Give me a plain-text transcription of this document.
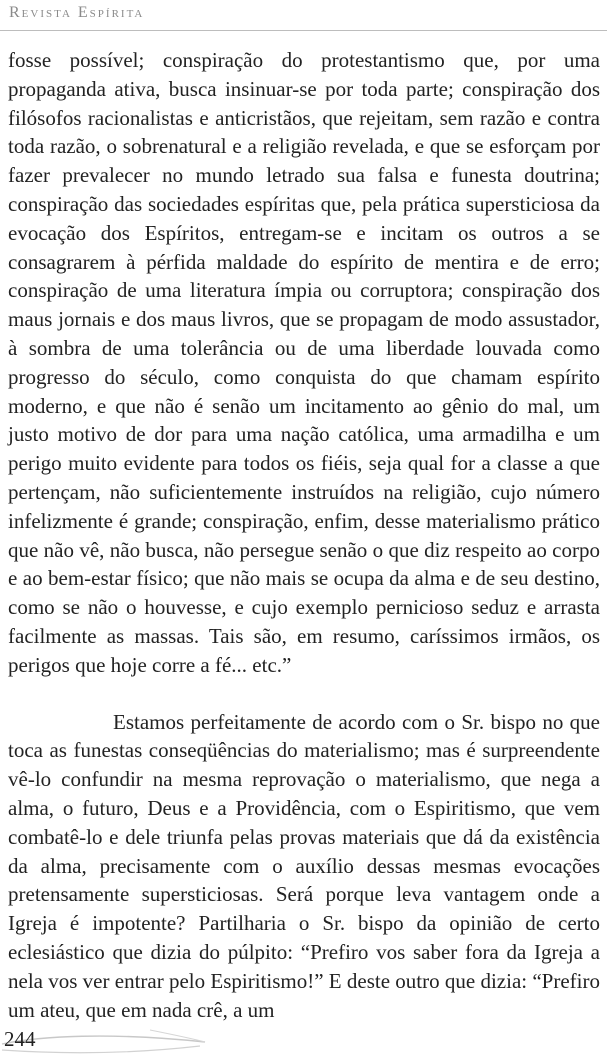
Revista Espírita

fosse possível; conspiração do protestantismo que, por uma propaganda ativa, busca insinuar-se por toda parte; conspiração dos filósofos racionalistas e anticristãos, que rejeitam, sem razão e contra toda razão, o sobrenatural e a religião revelada, e que se esforçam por fazer prevalecer no mundo letrado sua falsa e funesta doutrina; conspiração das sociedades espíritas que, pela prática supersticiosa da evocação dos Espíritos, entregam-se e incitam os outros a se consagrarem à pérfida maldade do espírito de mentira e de erro; conspiração de uma literatura ímpia ou corruptora; conspiração dos maus jornais e dos maus livros, que se propagam de modo assustador, à sombra de uma tolerância ou de uma liberdade louvada como progresso do século, como conquista do que chamam espírito moderno, e que não é senão um incitamento ao gênio do mal, um justo motivo de dor para uma nação católica, uma armadilha e um perigo muito evidente para todos os fiéis, seja qual for a classe a que pertençam, não suficientemente instruídos na religião, cujo número infelizmente é grande; conspiração, enfim, desse materialismo prático que não vê, não busca, não persegue senão o que diz respeito ao corpo e ao bem-estar físico; que não mais se ocupa da alma e de seu destino, como se não o houvesse, e cujo exemplo pernicioso seduz e arrasta facilmente as massas. Tais são, em resumo, caríssimos irmãos, os perigos que hoje corre a fé... etc.”

Estamos perfeitamente de acordo com o Sr. bispo no que toca as funestas conseqüências do materialismo; mas é surpreendente vê-lo confundir na mesma reprovação o materialismo, que nega a alma, o futuro, Deus e a Providência, com o Espiritismo, que vem combatê-lo e dele triunfa pelas provas materiais que dá da existência da alma, precisamente com o auxílio dessas mesmas evocações pretensamente supersticiosas. Será porque leva vantagem onde a Igreja é impotente? Partilharia o Sr. bispo da opinião de certo eclesiástico que dizia do púlpito: “Prefiro vos saber fora da Igreja a nela vos ver entrar pelo Espiritismo!” E deste outro que dizia: “Prefiro um ateu, que em nada crê, a um

244
